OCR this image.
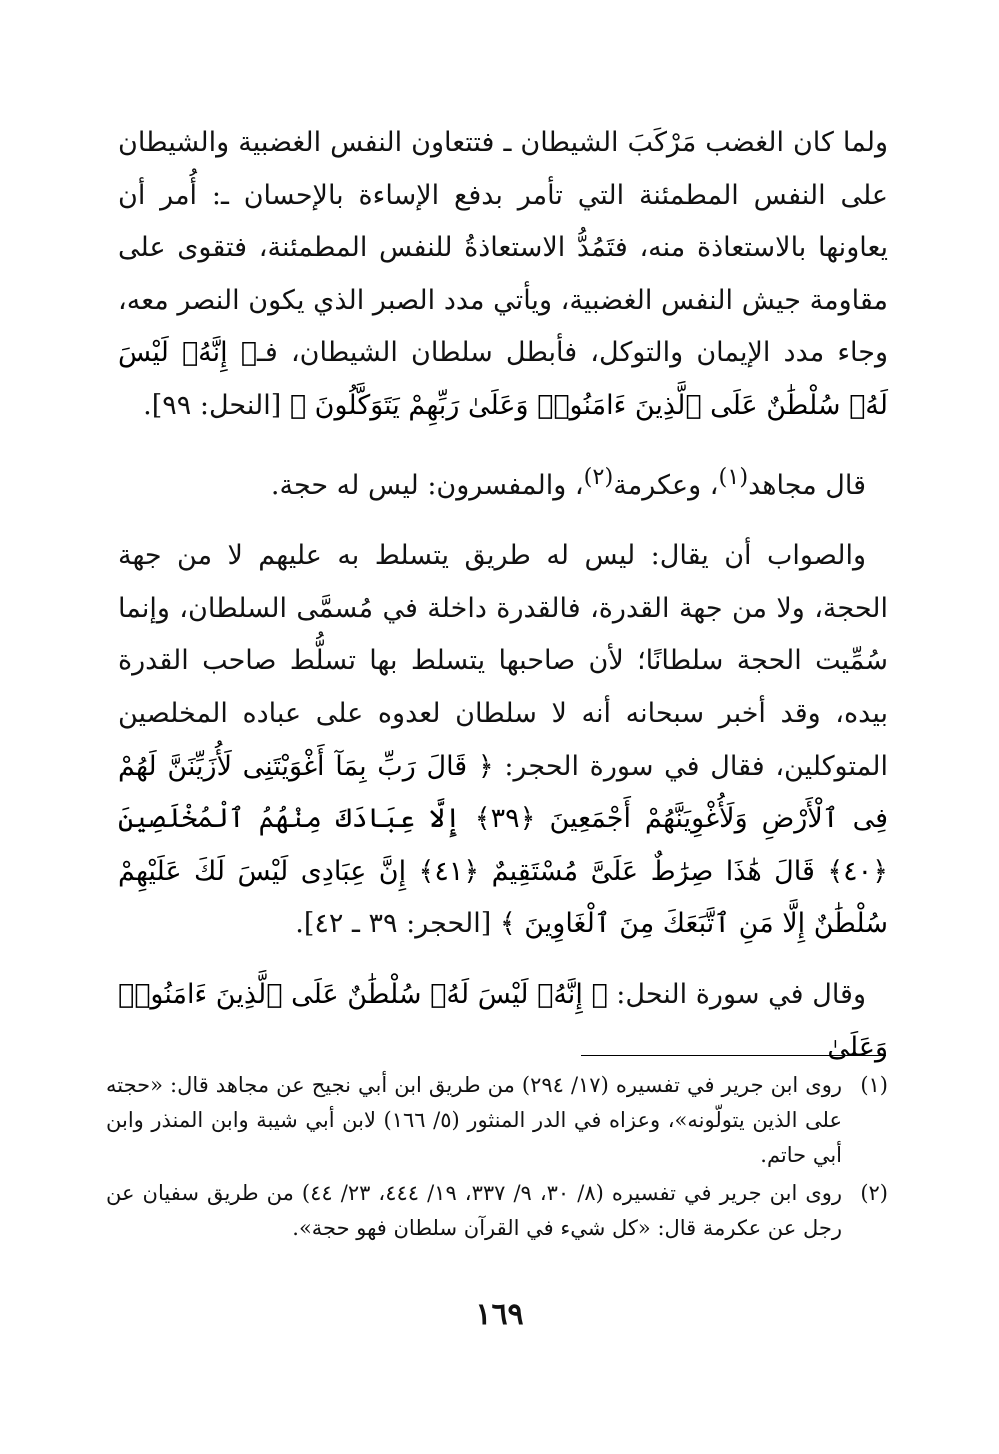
ولما كان الغضب مَرْكَبَ الشيطان ـ فتتعاون النفس الغضبية والشيطان على النفس المطمئنة التي تأمر بدفع الإساءة بالإحسان ـ: أُمر أن يعاونها بالاستعاذة منه، فتَمُدُّ الاستعاذةُ للنفس المطمئنة، فتقوى على مقاومة جيش النفس الغضبية، ويأتي مدد الصبر الذي يكون النصر معه، وجاء مدد الإيمان والتوكل، فأبطل سلطان الشيطان، فـ﴿ إِنَّهُۥ لَيْسَ لَهُۥ سُلْطَٰنٌ عَلَى ٱلَّذِينَ ءَامَنُوا۟ وَعَلَىٰ رَبِّهِمْ يَتَوَكَّلُونَ ﴾ [النحل: ٩٩].

قال مجاهد$^{(١)}$، وعكرمة$^{(٢)}$، والمفسرون: ليس له حجة.

والصواب أن يقال: ليس له طريق يتسلط به عليهم لا من جهة الحجة، ولا من جهة القدرة، فالقدرة داخلة في مُسمَّى السلطان، وإنما سُمِّيت الحجة سلطانًا؛ لأن صاحبها يتسلط بها تسلُّط صاحب القدرة بيده، وقد أخبر سبحانه أنه لا سلطان لعدوه على عباده المخلصين المتوكلين، فقال في سورة الحجر: ﴿ قَالَ رَبِّ بِمَآ أَغْوَيْتَنِى لَأُزَيِّنَنَّ لَهُمْ فِى ٱلْأَرْضِ وَلَأُغْوِيَنَّهُمْ أَجْمَعِينَ ﴿٣٩﴾ إِلَّا عِبَادَكَ مِنْهُمُ ٱلْمُخْلَصِينَ ﴿٤٠﴾ قَالَ هَٰذَا صِرَٰطٌ عَلَىَّ مُسْتَقِيمٌ ﴿٤١﴾ إِنَّ عِبَادِى لَيْسَ لَكَ عَلَيْهِمْ سُلْطَٰنٌ إِلَّا مَنِ ٱتَّبَعَكَ مِنَ ٱلْغَاوِينَ ﴾ [الحجر: ٣٩ ـ ٤٢].

وقال في سورة النحل: ﴿ إِنَّهُۥ لَيْسَ لَهُۥ سُلْطَٰنٌ عَلَى ٱلَّذِينَ ءَامَنُوا۟ وَعَلَىٰ

(١)
روى ابن جرير في تفسيره (١٧/ ٢٩٤) من طريق ابن أبي نجيح عن مجاهد قال: «حجته على الذين يتولّونه»، وعزاه في الدر المنثور (٥/ ١٦٦) لابن أبي شيبة وابن المنذر وابن أبي حاتم.
(٢)
روى ابن جرير في تفسيره (٨/ ٣٠، ٩/ ٣٣٧، ١٩/ ٤٤٤، ٢٣/ ٤٤) من طريق سفيان عن رجل عن عكرمة قال: «كل شيء في القرآن سلطان فهو حجة».
١٦٩
